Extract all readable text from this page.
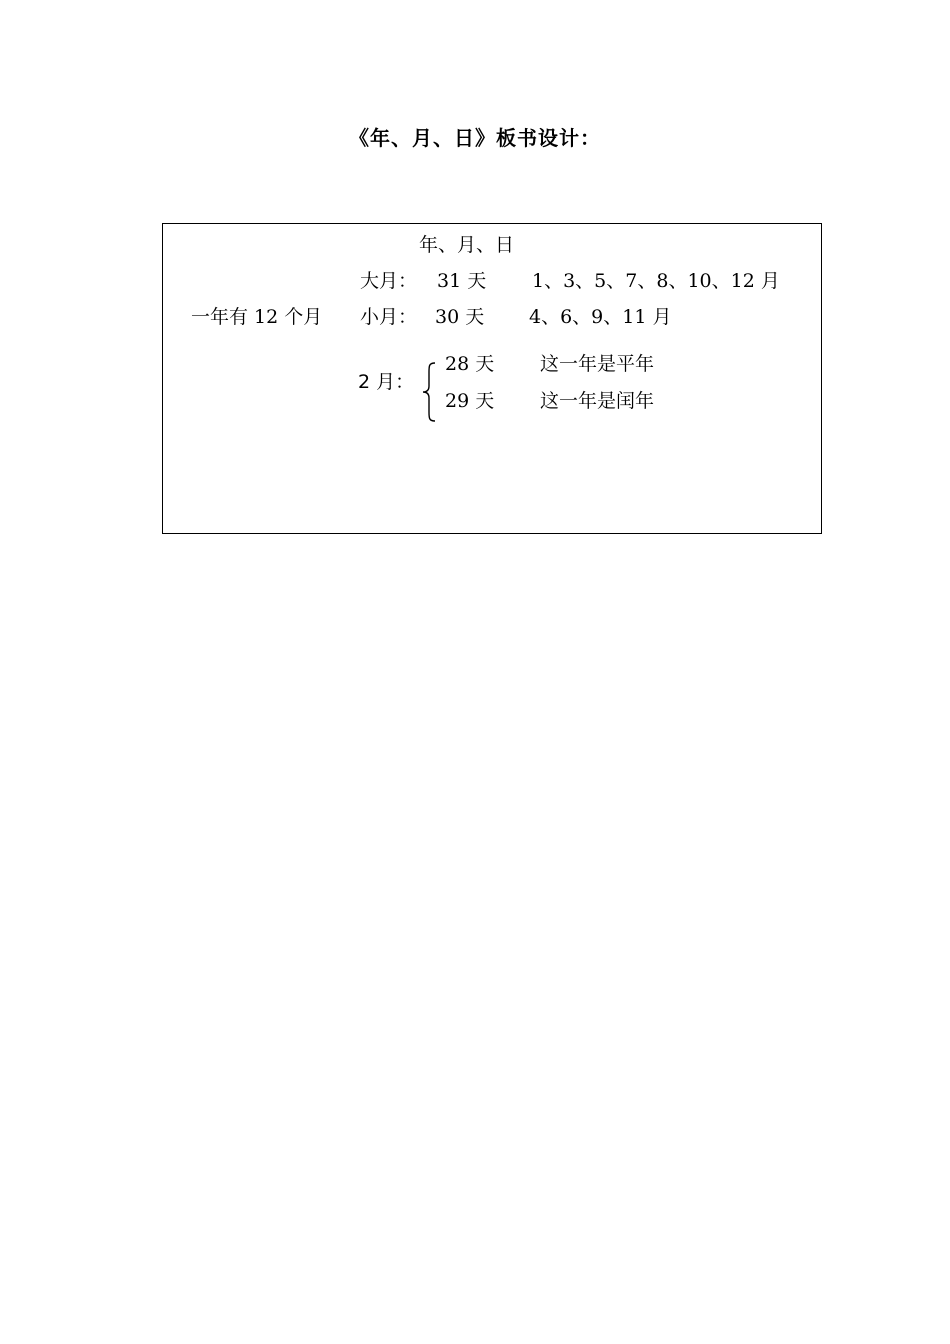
《年、月、日》板书设计：
年、月、日
大月： 31 天 1、3、5、7、8、10、12 月
一年有 12 个月 小月： 30 天 4、6、9、11 月
2 月：
28 天 这一年是平年
29 天 这一年是闰年
